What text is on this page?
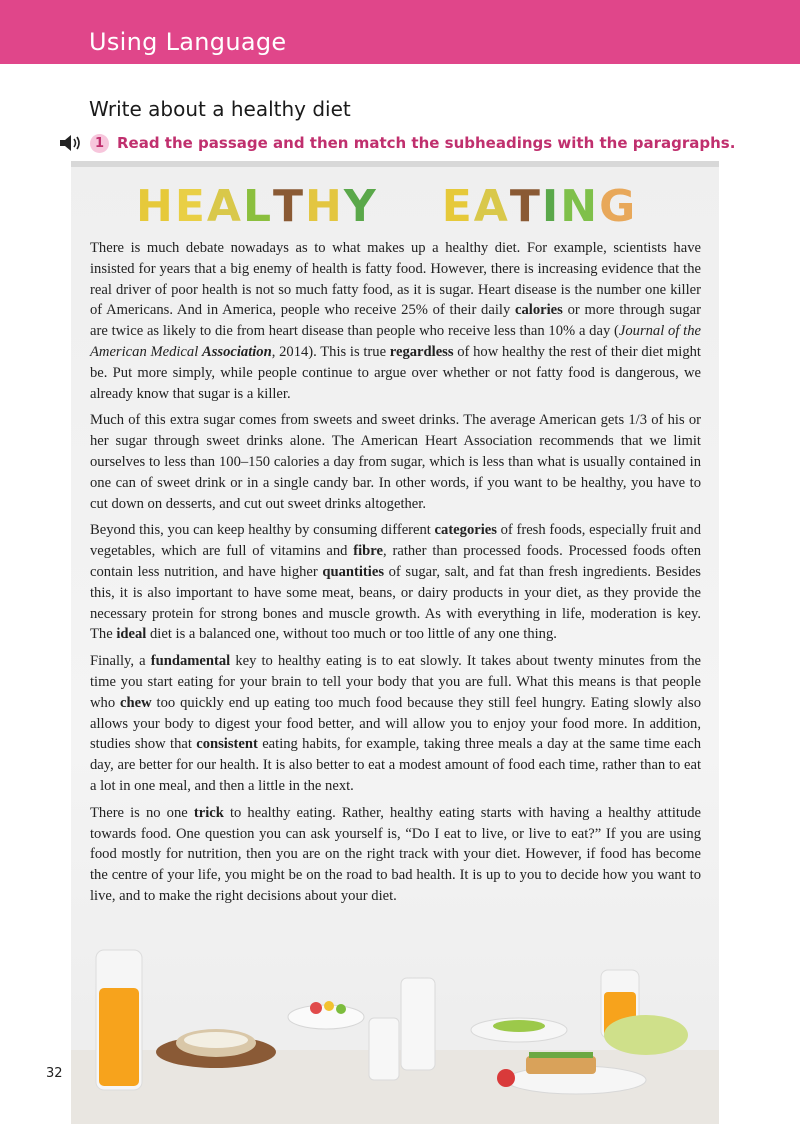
Using Language
Write about a healthy diet
1 Read the passage and then match the subheadings with the paragraphs.
H E A L T H Y E A T I N G

There is much debate nowadays as to what makes up a healthy diet. For example, scientists have insisted for years that a big enemy of health is fatty food. However, there is increasing evidence that the real driver of poor health is not so much fatty food, as it is sugar. Heart disease is the number one killer of Americans. And in America, people who receive 25% of their daily calories or more through sugar are twice as likely to die from heart disease than people who receive less than 10% a day (Journal of the American Medical Association, 2014). This is true regardless of how healthy the rest of their diet might be. Put more simply, while people continue to argue over whether or not fatty food is dangerous, we already know that sugar is a killer.

Much of this extra sugar comes from sweets and sweet drinks. The average American gets 1/3 of his or her sugar through sweet drinks alone. The American Heart Association recommends that we limit ourselves to less than 100–150 calories a day from sugar, which is less than what is usually contained in one can of sweet drink or in a single candy bar. In other words, if you want to be healthy, you have to cut down on desserts, and cut out sweet drinks altogether.

Beyond this, you can keep healthy by consuming different categories of fresh foods, especially fruit and vegetables, which are full of vitamins and fibre, rather than processed foods. Processed foods often contain less nutrition, and have higher quantities of sugar, salt, and fat than fresh ingredients. Besides this, it is also important to have some meat, beans, or dairy products in your diet, as they provide the necessary protein for strong bones and muscle growth. As with everything in life, moderation is key. The ideal diet is a balanced one, without too much or too little of any one thing.

Finally, a fundamental key to healthy eating is to eat slowly. It takes about twenty minutes from the time you start eating for your brain to tell your body that you are full. What this means is that people who chew too quickly end up eating too much food because they still feel hungry. Eating slowly also allows your body to digest your food better, and will allow you to enjoy your food more. In addition, studies show that consistent eating habits, for example, taking three meals a day at the same time each day, are better for our health. It is also better to eat a modest amount of food each time, rather than to eat a lot in one meal, and then a little in the next.

There is no one trick to healthy eating. Rather, healthy eating starts with having a healthy attitude towards food. One question you can ask yourself is, “Do I eat to live, or live to eat?” If you are using food mostly for nutrition, then you are on the right track with your diet. However, if food has become the centre of your life, you might be on the road to bad health. It is up to you to decide how you want to live, and to make the right decisions about your diet.

32
